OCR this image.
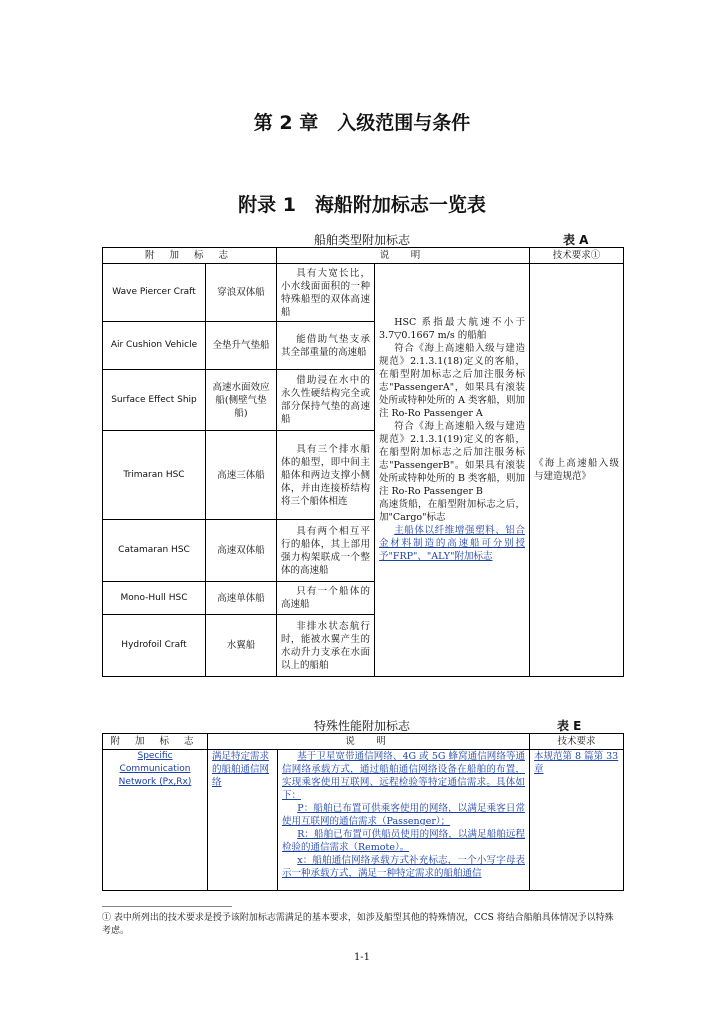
第 2 章　入级范围与条件
附录 1　海船附加标志一览表
船舶类型附加标志	表 A
附 加 标 志		说　明		技术要求①
Wave Piercer Craft	穿浪双体船	具有大宽长比，小水线面面积的一种特殊船型的双体高速船	HSC 系指最大航速不小于 3.7▽0.1667 m/s 的船舶
符合《海上高速船入级与建造规范》2.1.3.1(18)定义的客船，在船型附加标志之后加注服务标志"PassengerA"，如果具有滚装处所或特种处所的 A 类客船，则加注 Ro-Ro Passenger A
符合《海上高速船入级与建造规范》2.1.3.1(19)定义的客船，在船型附加标志之后加注服务标志"PassengerB"。如果具有滚装处所或特种处所的 B 类客船，则加注 Ro-Ro Passenger B
高速货船，在船型附加标志之后，加"Cargo"标志
主船体以纤维增强塑料、铝合金材料制造的高速船可分别授予"FRP"、"ALY"附加标志	《海上高速船入级与建造规范》
Air Cushion Vehicle	全垫升气垫船	能借助气垫支承其全部重量的高速船		
Surface Effect Ship	高速水面效应船(侧壁气垫船)	借助浸在水中的永久性硬结构完全或部分保持气垫的高速船		
Trimaran HSC	高速三体船	具有三个排水船体的船型，即中间主船体和两边支撑小侧体，并由连接桥结构将三个船体相连		
Catamaran HSC	高速双体船	具有两个相互平行的船体，其上部用强力构架联成一个整体的高速船		
Mono-Hull HSC	高速单体船	只有一个船体的高速船		
Hydrofoil Craft	水翼船	非排水状态航行时，能被水翼产生的水动升力支承在水面以上的船舶		
特殊性能附加标志	表 E
附 加 标 志	说　明		技术要求
Specific Communication Network (Px,Rx)	满足特定需求的船舶通信网络	基于卫星宽带通信网络、4G 或 5G 蜂窝通信网络等通信网络承载方式，通过船舶通信网络设备在船舶的布置，实现乘客使用互联网、远程检验等特定通信需求。具体如下：
P：船舶已布置可供乘客使用的网络，以满足乘客日常使用互联网的通信需求（Passenger）；
R：船舶已布置可供船员使用的网络，以满足船舶远程检验的通信需求（Remote）。
x：船舶通信网络承载方式补充标志，一个小写字母表示一种承载方式，满足一种特定需求的船舶通信	本规范第 8 篇第 33 章
① 表中所列出的技术要求是授予该附加标志需满足的基本要求，如涉及船型其他的特殊情况，CCS 将结合船舶具体情况予以特殊考虑。
1-1
